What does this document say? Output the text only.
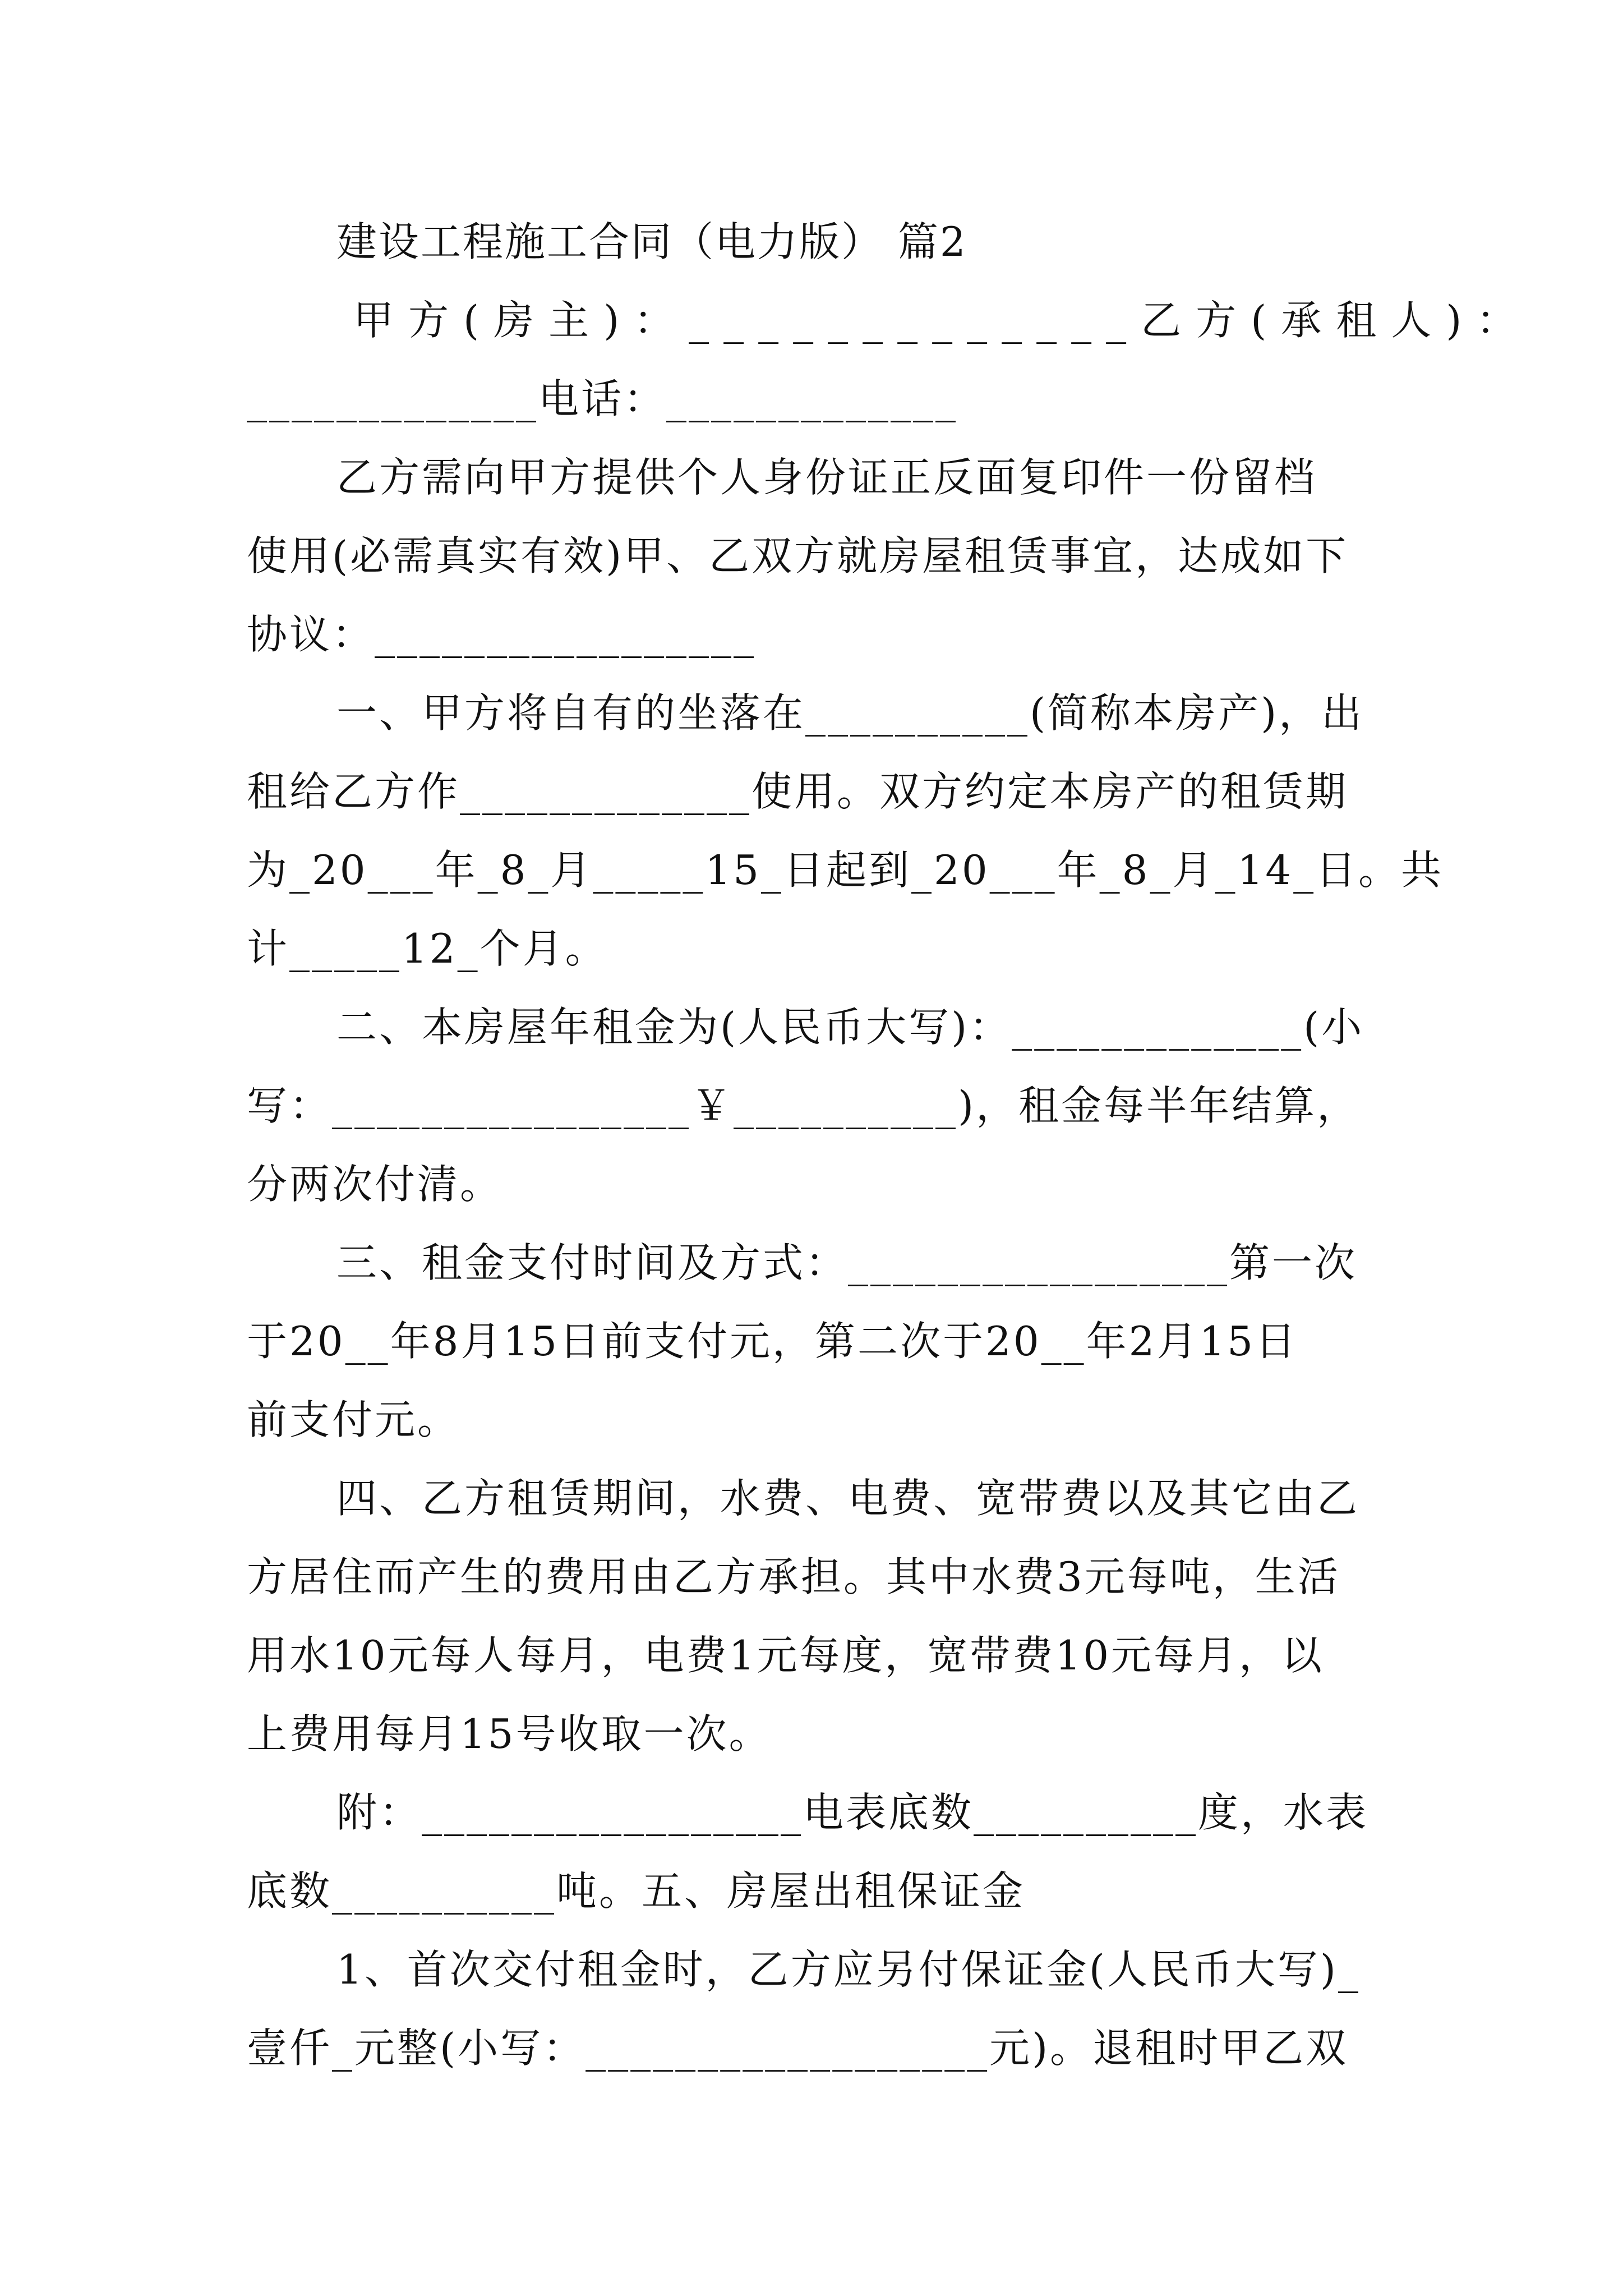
建设工程施工合同（电力版） 篇2
甲方(房主)：_____________乙方(承租人)：
_____________电话：_____________
乙方需向甲方提供个人身份证正反面复印件一份留档
使用(必需真实有效)甲、乙双方就房屋租赁事宜，达成如下
协议：_________________
一、甲方将自有的坐落在__________(简称本房产)，出
租给乙方作_____________使用。双方约定本房产的租赁期
为_20___年_8_月_____15_日起到_20___年_8_月_14_日。共
计_____12_个月。
二、本房屋年租金为(人民币大写)：_____________(小
写：________________￥__________)，租金每半年结算，
分两次付清。
三、租金支付时间及方式：_________________第一次
于20__年8月15日前支付元，第二次于20__年2月15日
前支付元。
四、乙方租赁期间，水费、电费、宽带费以及其它由乙
方居住而产生的费用由乙方承担。其中水费3元每吨，生活
用水10元每人每月，电费1元每度，宽带费10元每月，以
上费用每月15号收取一次。
附：_________________电表底数__________度，水表
底数__________吨。五、房屋出租保证金
1、首次交付租金时，乙方应另付保证金(人民币大写)_
壹仟_元整(小写：__________________元)。退租时甲乙双
